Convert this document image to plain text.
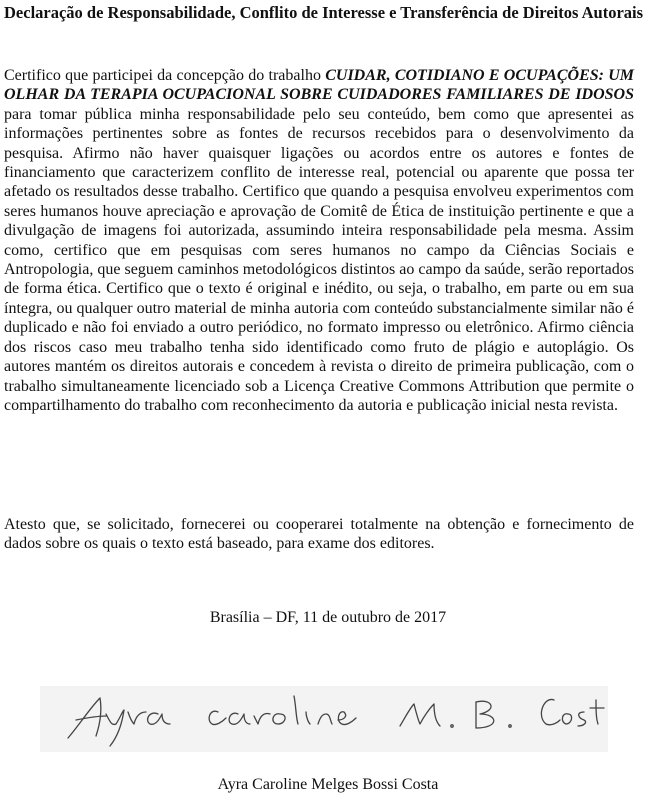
Declaração de Responsabilidade, Conflito de Interesse e Transferência de Direitos Autorais

Certifico que participei da concepção do trabalho CUIDAR, COTIDIANO E OCUPAÇÕES: UM OLHAR DA TERAPIA OCUPACIONAL SOBRE CUIDADORES FAMILIARES DE IDOSOS para tomar pública minha responsabilidade pelo seu conteúdo, bem como que apresentei as informações pertinentes sobre as fontes de recursos recebidos para o desenvolvimento da pesquisa. Afirmo não haver quaisquer ligações ou acordos entre os autores e fontes de financiamento que caracterizem conflito de interesse real, potencial ou aparente que possa ter afetado os resultados desse trabalho. Certifico que quando a pesquisa envolveu experimentos com seres humanos houve apreciação e aprovação de Comitê de Ética de instituição pertinente e que a divulgação de imagens foi autorizada, assumindo inteira responsabilidade pela mesma. Assim como, certifico que em pesquisas com seres humanos no campo da Ciências Sociais e Antropologia, que seguem caminhos metodológicos distintos ao campo da saúde, serão reportados de forma ética. Certifico que o texto é original e inédito, ou seja, o trabalho, em parte ou em sua íntegra, ou qualquer outro material de minha autoria com conteúdo substancialmente similar não é duplicado e não foi enviado a outro periódico, no formato impresso ou eletrônico. Afirmo ciência dos riscos caso meu trabalho tenha sido identificado como fruto de plágio e autoplágio. Os autores mantém os direitos autorais e concedem à revista o direito de primeira publicação, com o trabalho simultaneamente licenciado sob a Licença Creative Commons Attribution que permite o compartilhamento do trabalho com reconhecimento da autoria e publicação inicial nesta revista.

Atesto que, se solicitado, fornecerei ou cooperarei totalmente na obtenção e fornecimento de dados sobre os quais o texto está baseado, para exame dos editores.

Brasília – DF, 11 de outubro de 2017

Ayra Caroline Melges Bossi Costa
